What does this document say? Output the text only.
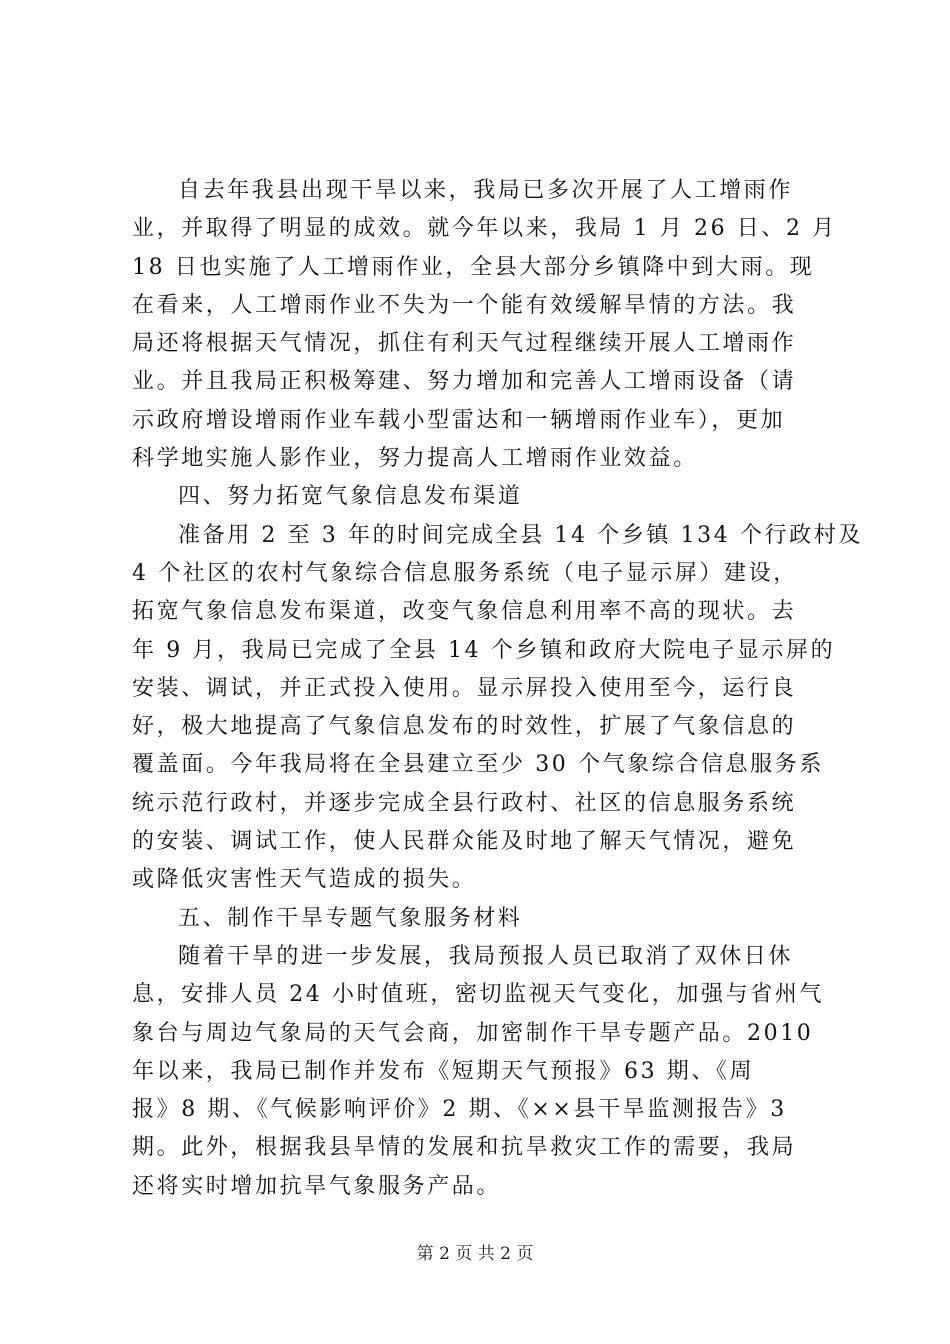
自去年我县出现干旱以来，我局已多次开展了人工增雨作
业，并取得了明显的成效。就今年以来，我局 1 月 26 日、2 月
18 日也实施了人工增雨作业，全县大部分乡镇降中到大雨。现
在看来，人工增雨作业不失为一个能有效缓解旱情的方法。我
局还将根据天气情况，抓住有利天气过程继续开展人工增雨作
业。并且我局正积极筹建、努力增加和完善人工增雨设备（请
示政府增设增雨作业车载小型雷达和一辆增雨作业车），更加
科学地实施人影作业，努力提高人工增雨作业效益。
四、努力拓宽气象信息发布渠道
准备用 2 至 3 年的时间完成全县 14 个乡镇 134 个行政村及
4 个社区的农村气象综合信息服务系统（电子显示屏）建设，
拓宽气象信息发布渠道，改变气象信息利用率不高的现状。去
年 9 月，我局已完成了全县 14 个乡镇和政府大院电子显示屏的
安装、调试，并正式投入使用。显示屏投入使用至今，运行良
好，极大地提高了气象信息发布的时效性，扩展了气象信息的
覆盖面。今年我局将在全县建立至少 30 个气象综合信息服务系
统示范行政村，并逐步完成全县行政村、社区的信息服务系统
的安装、调试工作，使人民群众能及时地了解天气情况，避免
或降低灾害性天气造成的损失。
五、制作干旱专题气象服务材料
随着干旱的进一步发展，我局预报人员已取消了双休日休
息，安排人员 24 小时值班，密切监视天气变化，加强与省州气
象台与周边气象局的天气会商，加密制作干旱专题产品。2010
年以来，我局已制作并发布《短期天气预报》63 期、《周
报》8 期、《气候影响评价》2 期、《××县干旱监测报告》3
期。此外，根据我县旱情的发展和抗旱救灾工作的需要，我局
还将实时增加抗旱气象服务产品。
第 2 页 共 2 页
